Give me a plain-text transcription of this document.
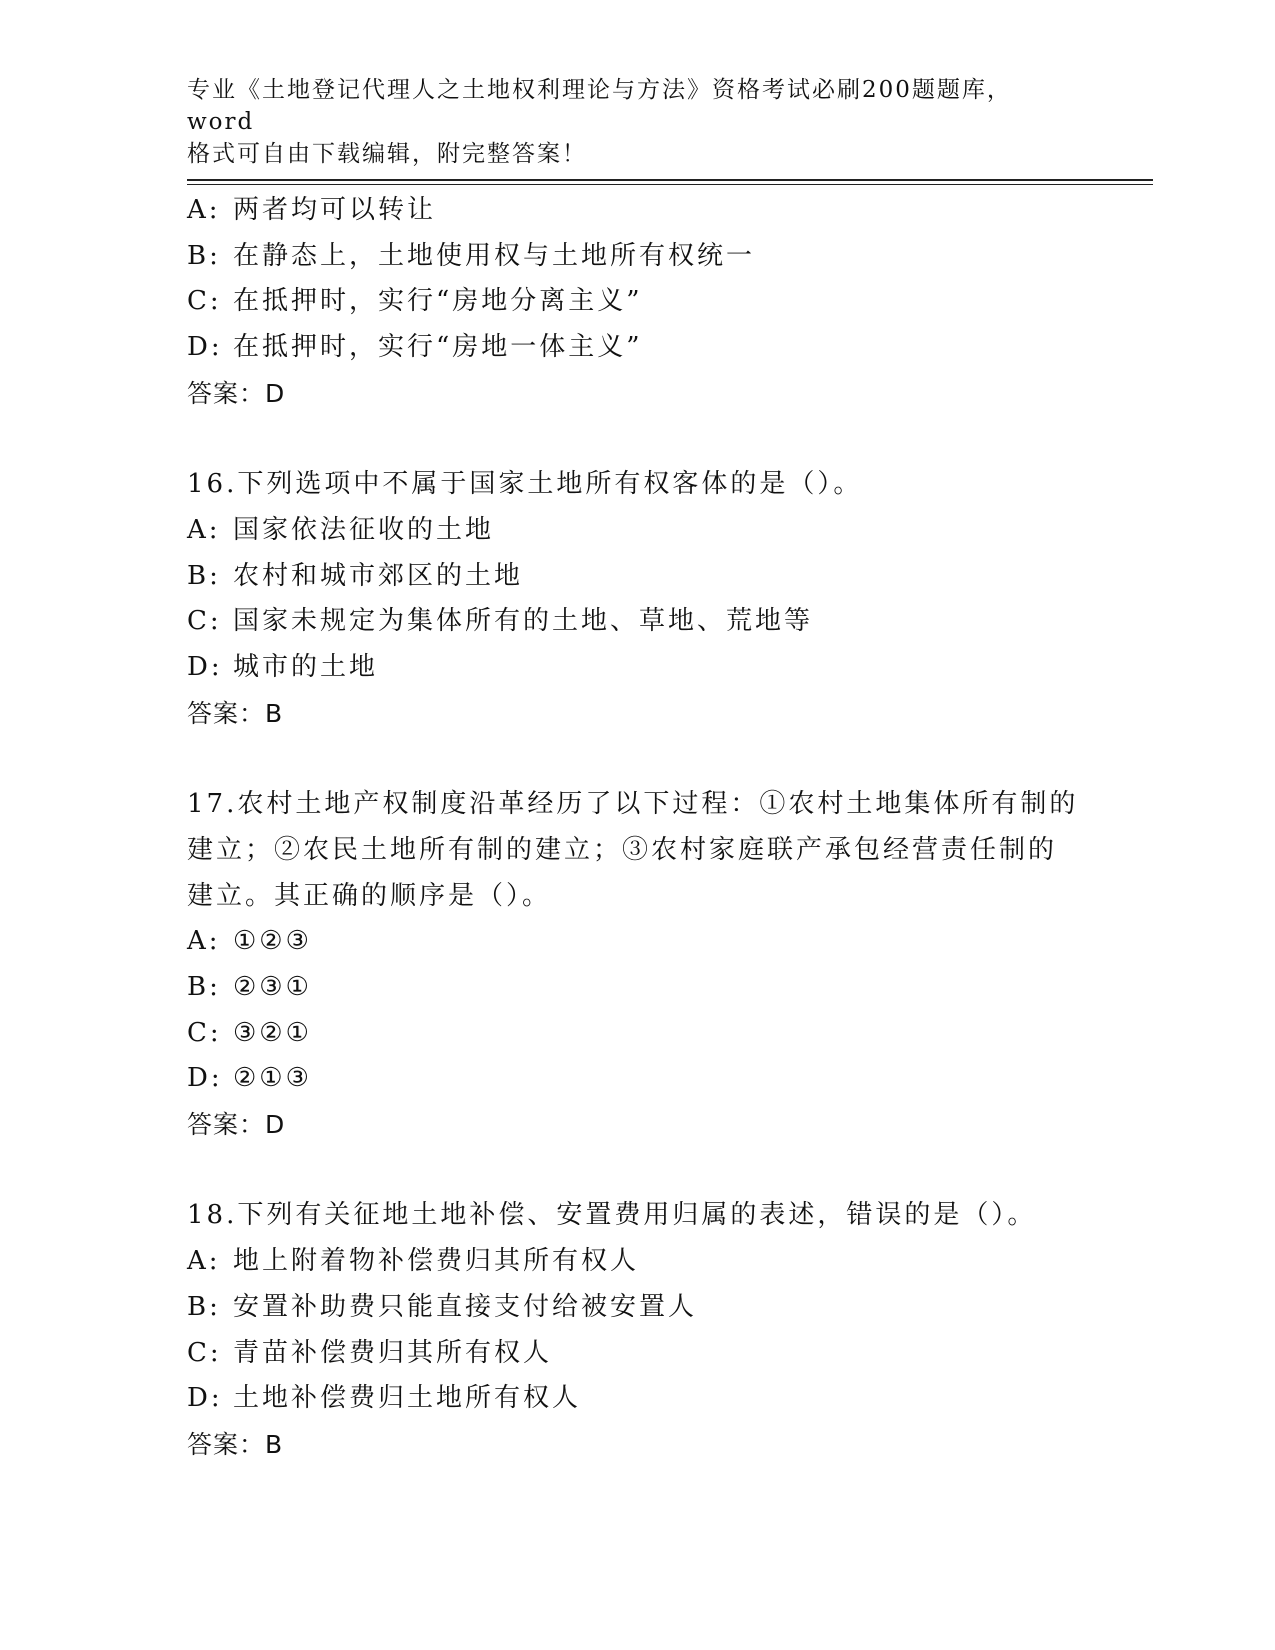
专业《土地登记代理人之土地权利理论与方法》资格考试必刷200题题库，word
格式可自由下载编辑，附完整答案！
A: 两者均可以转让
B: 在静态上，土地使用权与土地所有权统一
C: 在抵押时，实行“房地分离主义”
D: 在抵押时，实行“房地一体主义”
答案：D
16.下列选项中不属于国家土地所有权客体的是（）。
A: 国家依法征收的土地
B: 农村和城市郊区的土地
C: 国家未规定为集体所有的土地、草地、荒地等
D: 城市的土地
答案：B
17.农村土地产权制度沿革经历了以下过程：①农村土地集体所有制的
建立；②农民土地所有制的建立；③农村家庭联产承包经营责任制的
建立。其正确的顺序是（）。
A: ①②③
B: ②③①
C: ③②①
D: ②①③
答案：D
18.下列有关征地土地补偿、安置费用归属的表述，错误的是（）。
A: 地上附着物补偿费归其所有权人
B: 安置补助费只能直接支付给被安置人
C: 青苗补偿费归其所有权人
D: 土地补偿费归土地所有权人
答案：B
